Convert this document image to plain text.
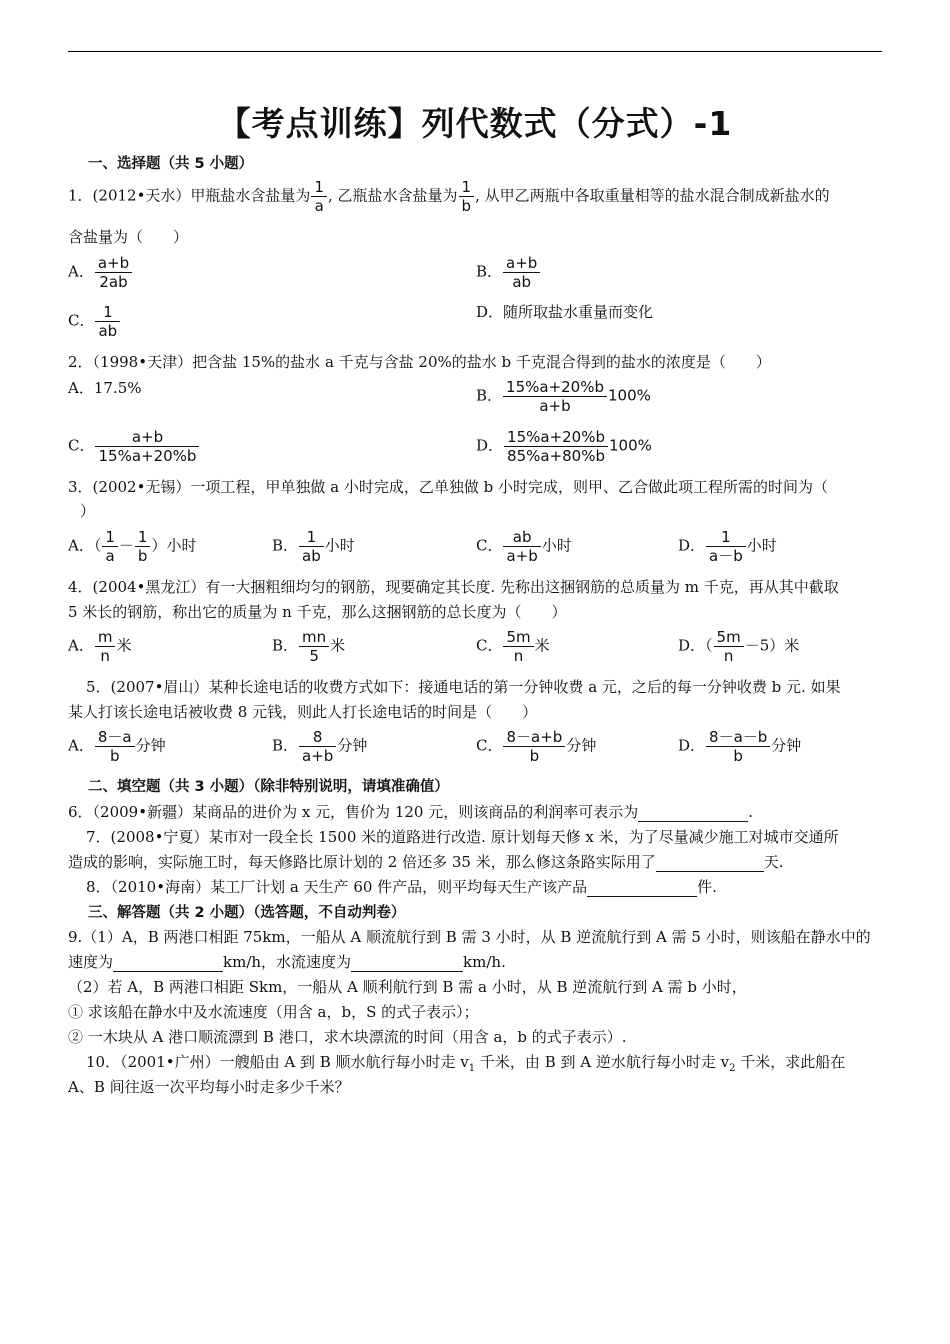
【考点训练】列代数式（分式）-1
一、选择题（共 5 小题）
1．(2012•天水）甲瓶盐水含盐量为 $\frac{1}{a}$ , 乙瓶盐水含盐量为 $\frac{1}{b}$ , 从甲乙两瓶中各取重量相等的盐水混合制成新盐水的
含盐量为（　　）
A． $\frac{a+b}{2ab}$	B． $\frac{a+b}{ab}$
C． $\frac{1}{ab}$	D．随所取盐水重量而变化
2．（1998•天津）把含盐 15%的盐水 a 千克与含盐 20%的盐水 b 千克混合得到的盐水的浓度是（　　）
A．17.5%	B． $\frac{15\%a+20\%b}{a+b} 100\%$
C． $\frac{a+b}{15\%a+20\%b}$	D． $\frac{15\%a+20\%b}{85\%a+80\%b} 100\%$
3．(2002•无锡）一项工程，甲单独做 a 小时完成，乙单独做 b 小时完成，则甲、乙合做此项工程所需的时间为（
）
A．（ $\frac{1}{a} - \frac{1}{b}$ ）小时	B． $\frac{1}{ab}$ 小时	C． $\frac{ab}{a+b}$ 小时	D． $\frac{1}{a-b}$ 小时
4．(2004•黑龙江）有一大捆粗细均匀的钢筋，现要确定其长度. 先称出这捆钢筋的总质量为 m 千克，再从其中截取
5 米长的钢筋，称出它的质量为 n 千克，那么这捆钢筋的总长度为（　　）
A． $\frac{m}{n}$ 米	B． $\frac{mn}{5}$ 米	C． $\frac{5m}{n}$ 米	D．（ $\frac{5m}{n} -5$）米
5．(2007•眉山）某种长途电话的收费方式如下：接通电话的第一分钟收费 a 元，之后的每一分钟收费 b 元. 如果
某人打该长途电话被收费 8 元钱，则此人打长途电话的时间是（　　）
A． $\frac{8-a}{b}$ 分钟	B． $\frac{8}{a+b}$ 分钟	C． $\frac{8-a+b}{b}$ 分钟	D． $\frac{8-a-b}{b}$ 分钟
二、填空题（共 3 小题）（除非特别说明，请填准确值）
6．（2009•新疆）某商品的进价为 x 元，售价为 120 元，则该商品的利润率可表示为	.
7．(2008•宁夏）某市对一段全长 1500 米的道路进行改造. 原计划每天修 x 米，为了尽量减少施工对城市交通所
造成的影响，实际施工时，每天修路比原计划的 2 倍还多 35 米，那么修这条路实际用了	天.
8．（2010•海南）某工厂计划 a 天生产 60 件产品，则平均每天生产该产品	件.
三、解答题（共 2 小题）（选答题，不自动判卷）
9.（1）A，B 两港口相距 75km，一船从 A 顺流航行到 B 需 3 小时，从 B 逆流航行到 A 需 5 小时，则该船在静水中的
速度为	km/h，水流速度为	km/h.
（2）若 A，B 两港口相距 Skm，一船从 A 顺利航行到 B 需 a 小时，从 B 逆流航行到 A 需 b 小时，
① 求该船在静水中及水流速度（用含 a，b，S 的式子表示）；
② 一木块从 A 港口顺流漂到 B 港口，求木块漂流的时间（用含 a，b 的式子表示）.
10．（2001•广州）一艘船由 A 到 B 顺水航行每小时走 $v_1$ 千米，由 B 到 A 逆水航行每小时走 $v_2$ 千米，求此船在
A、B 间往返一次平均每小时走多少千米？
